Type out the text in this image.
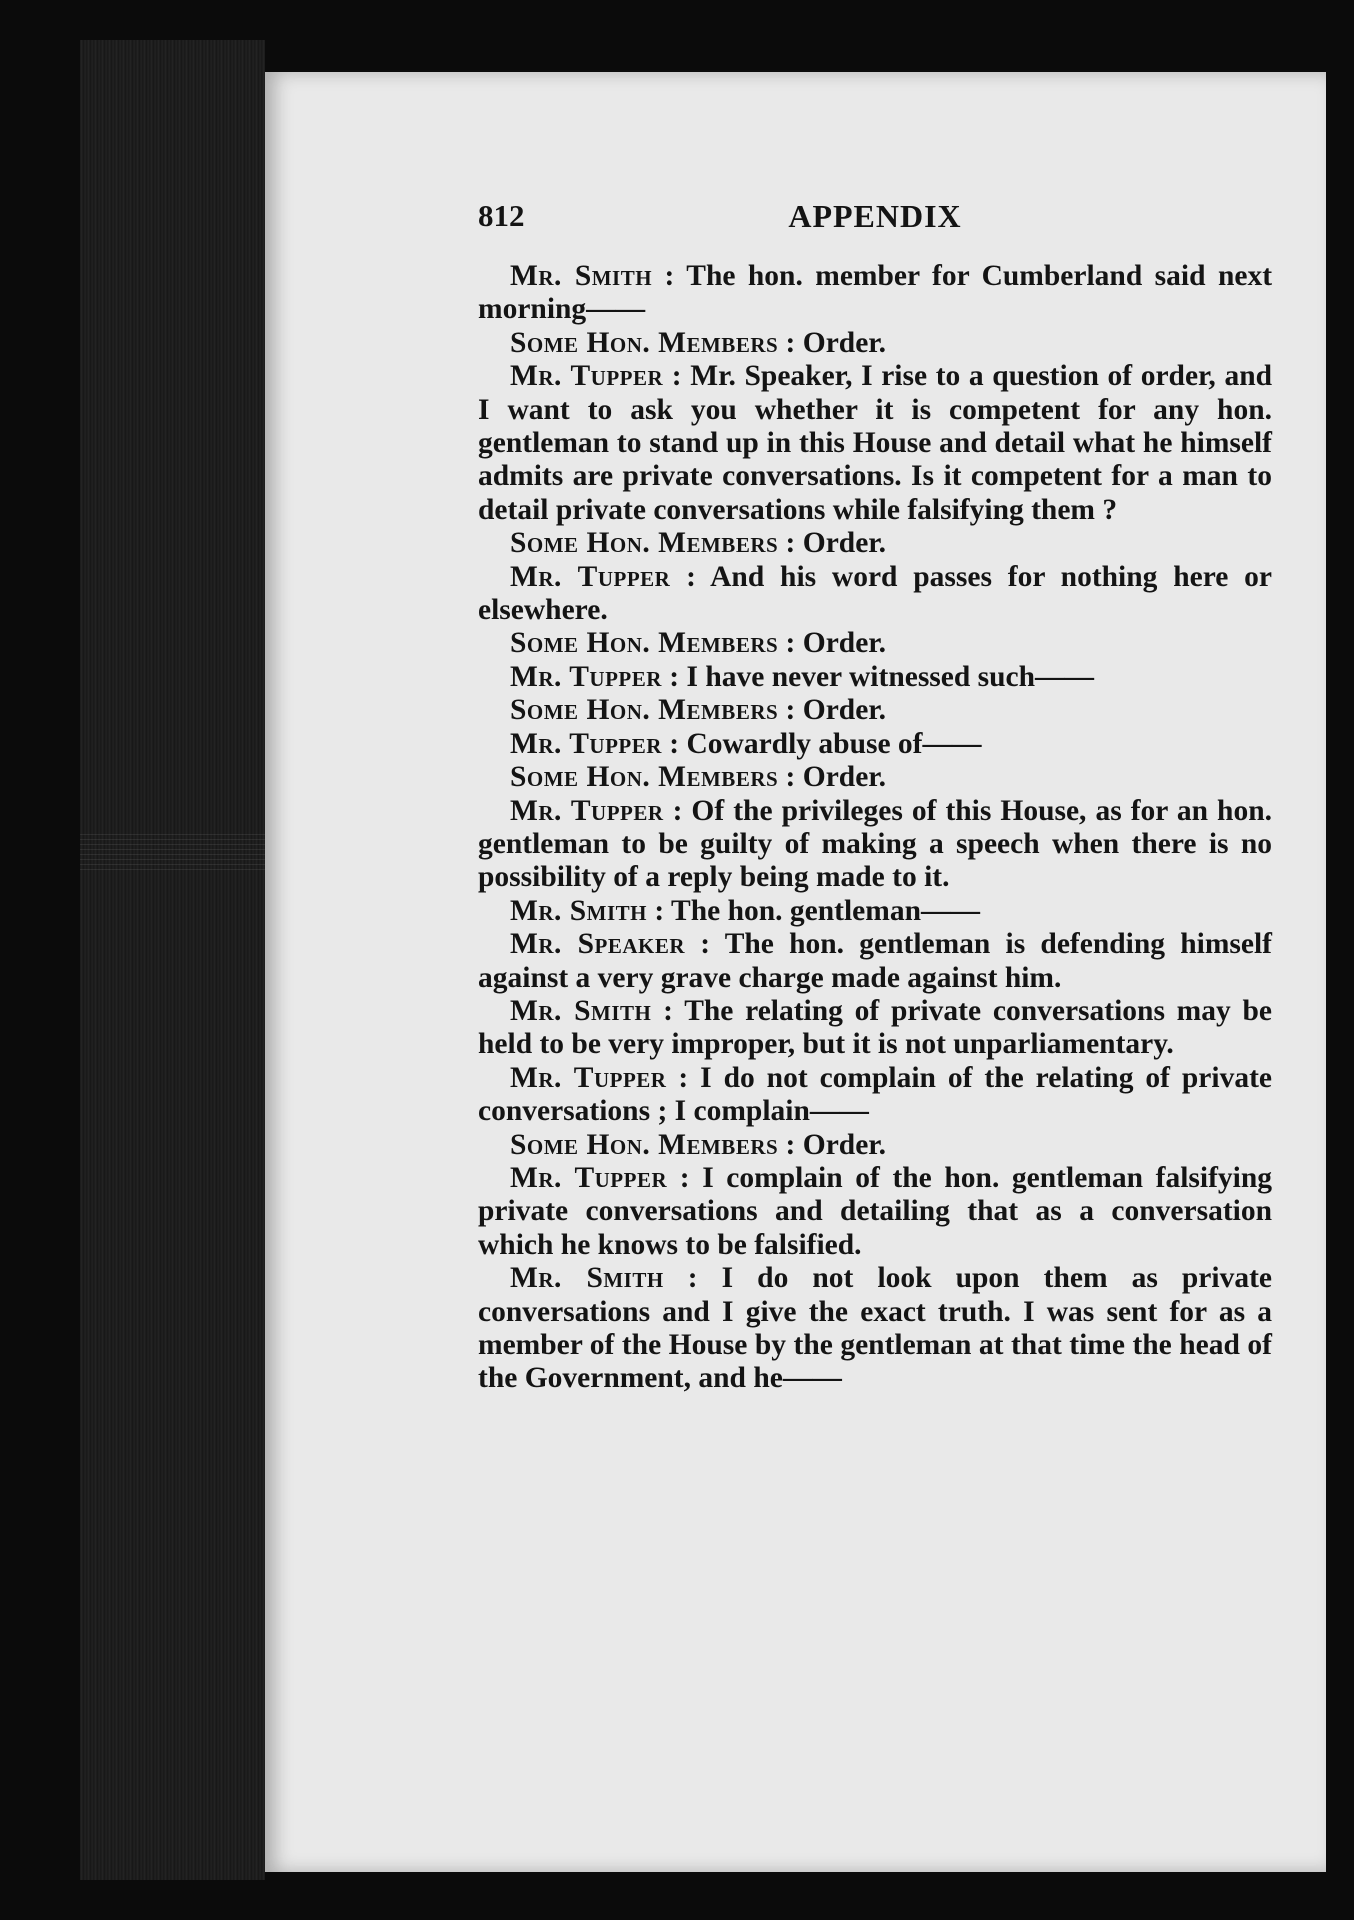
812	APPENDIX

Mr. Smith : The hon. member for Cumberland said next morning——

Some Hon. Members : Order.

Mr. Tupper : Mr. Speaker, I rise to a question of order, and I want to ask you whether it is competent for any hon. gentleman to stand up in this House and detail what he himself admits are private conversations. Is it competent for a man to detail private conversations while falsifying them ?

Some Hon. Members : Order.

Mr. Tupper : And his word passes for nothing here or elsewhere.

Some Hon. Members : Order.

Mr. Tupper : I have never witnessed such——

Some Hon. Members : Order.

Mr. Tupper : Cowardly abuse of——

Some Hon. Members : Order.

Mr. Tupper : Of the privileges of this House, as for an hon. gentleman to be guilty of making a speech when there is no possibility of a reply being made to it.

Mr. Smith : The hon. gentleman——

Mr. Speaker : The hon. gentleman is defending himself against a very grave charge made against him.

Mr. Smith : The relating of private conversations may be held to be very improper, but it is not unparliamentary.

Mr. Tupper : I do not complain of the relating of private conversations ; I complain——

Some Hon. Members : Order.

Mr. Tupper : I complain of the hon. gentleman falsifying private conversations and detailing that as a conversation which he knows to be falsified.

Mr. Smith : I do not look upon them as private conversations and I give the exact truth. I was sent for as a member of the House by the gentleman at that time the head of the Government, and he——
